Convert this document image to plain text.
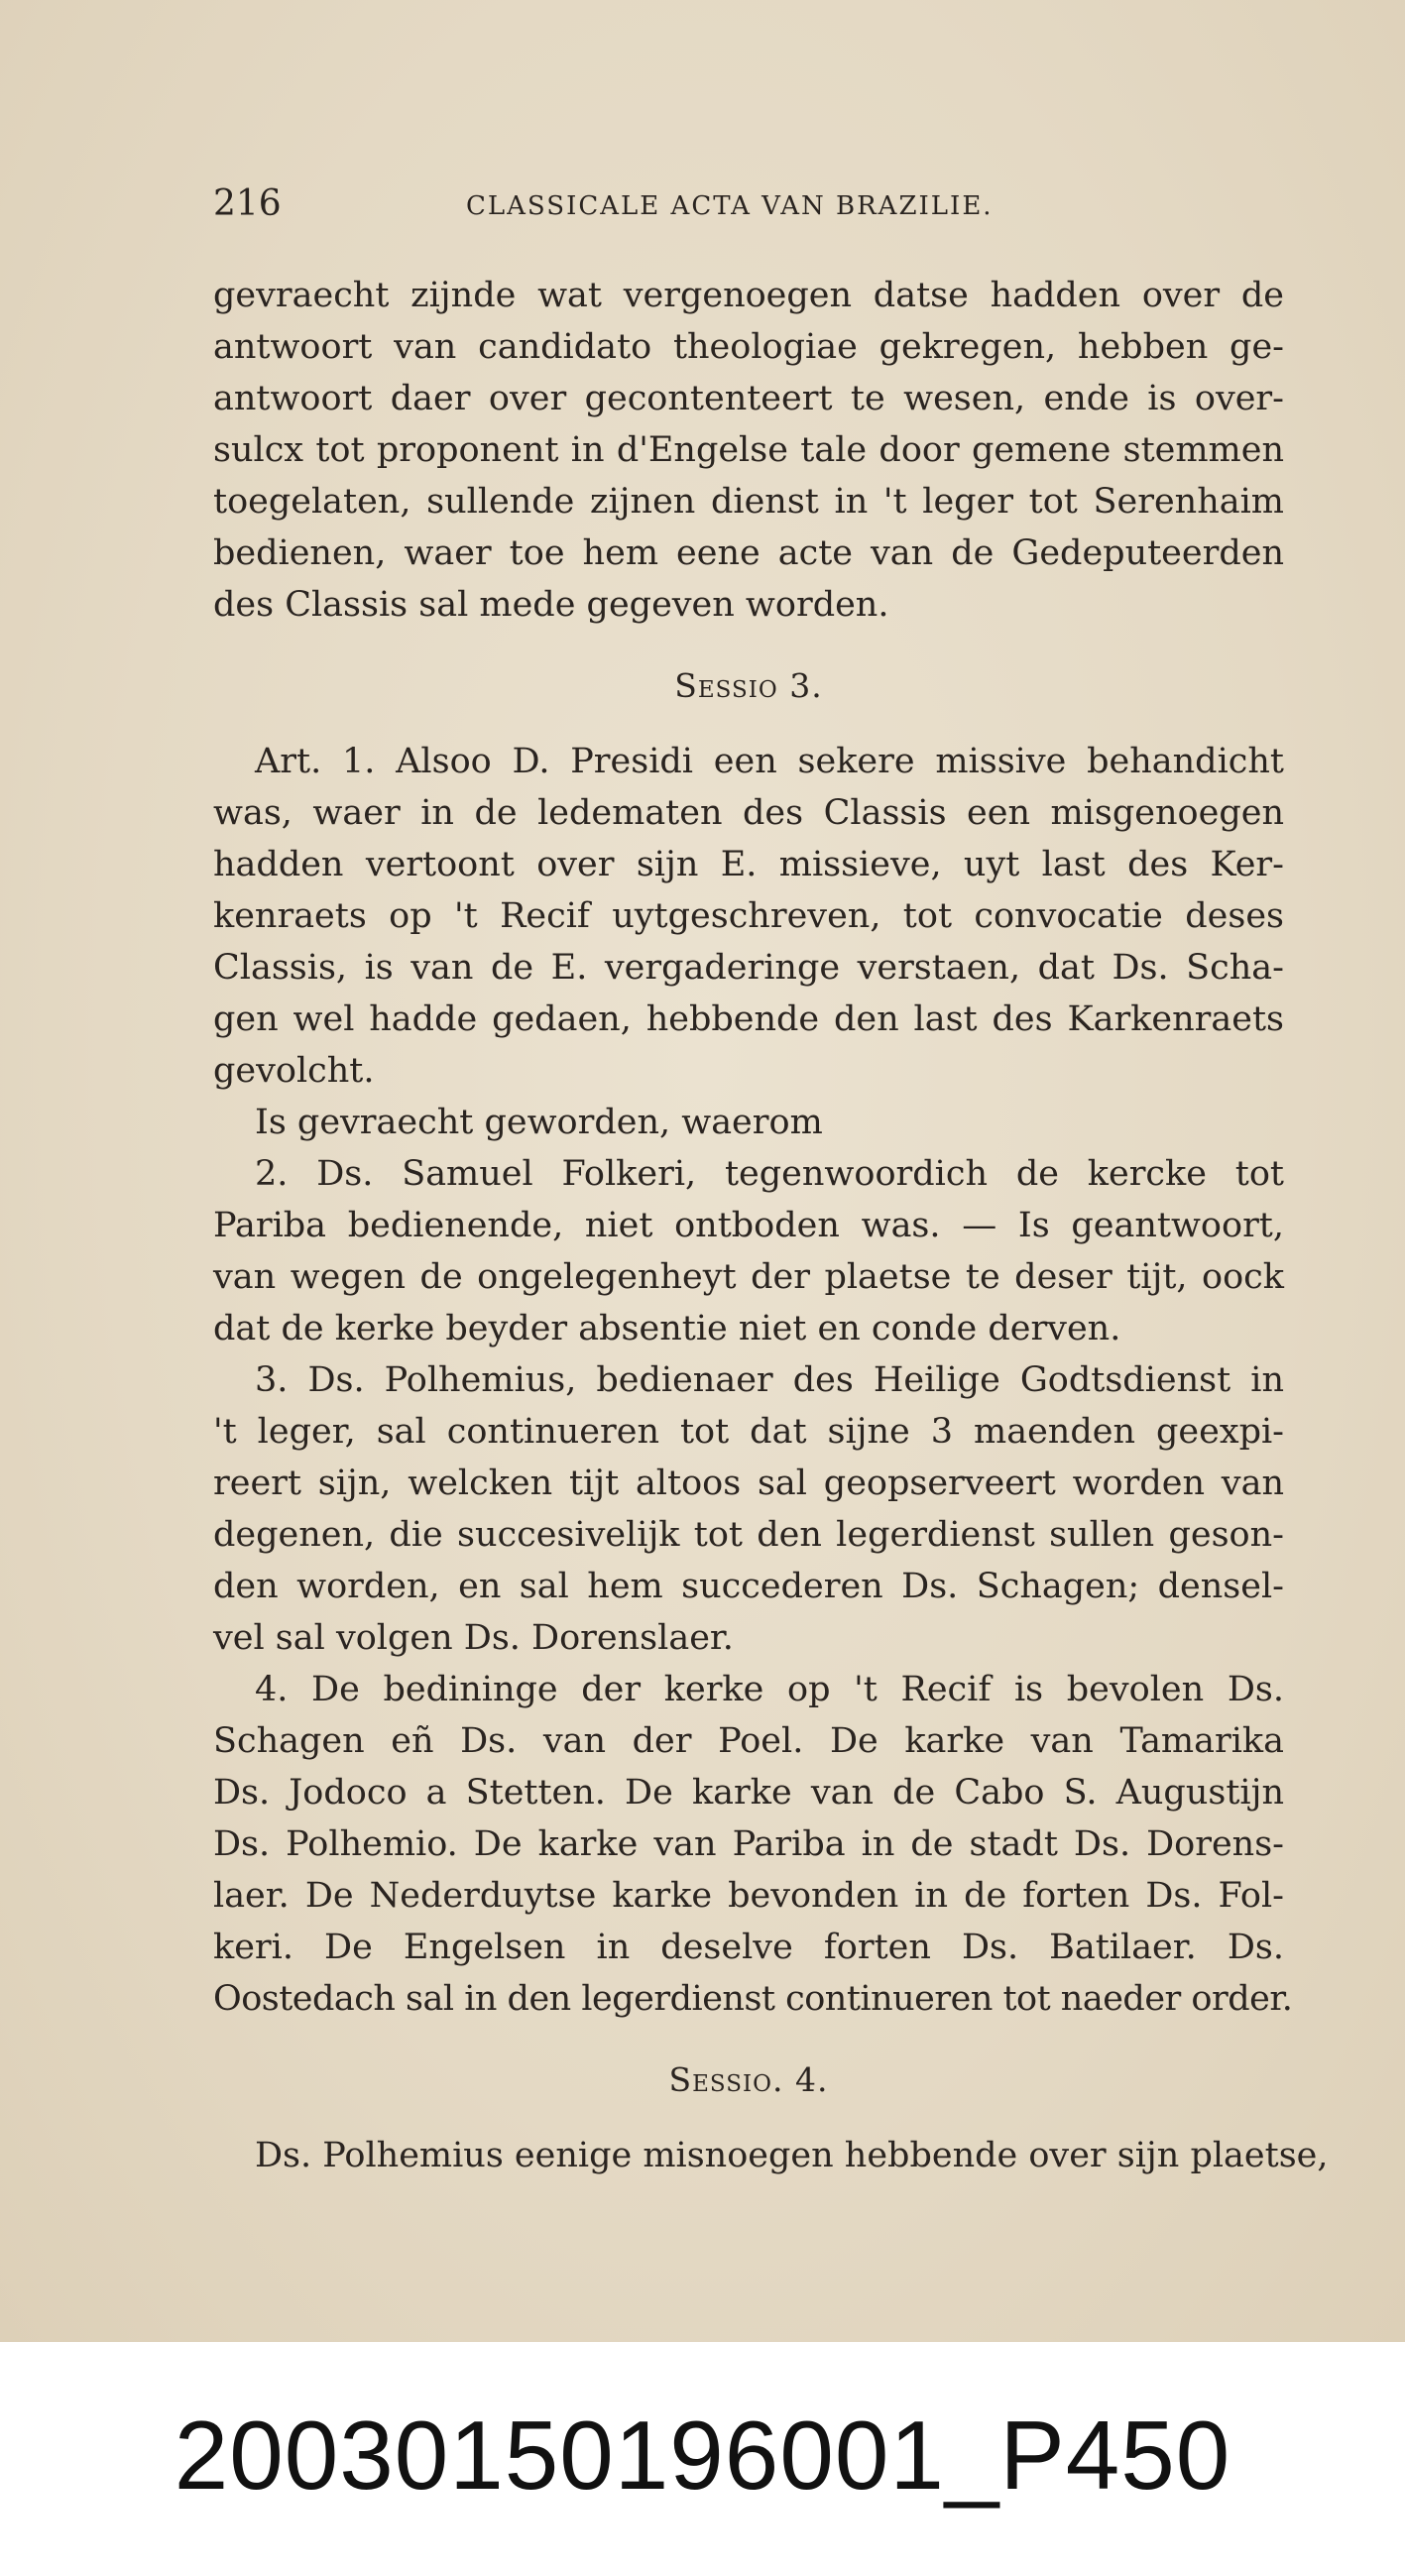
216	CLASSICALE ACTA VAN BRAZILIE.
gevraecht zijnde wat vergenoegen datse hadden over de
antwoort van candidato theologiae gekregen, hebben ge-
antwoort daer over gecontenteert te wesen, ende is over-
sulcx tot proponent in d'Engelse tale door gemene stemmen
toegelaten, sullende zijnen dienst in 't leger tot Serenhaim
bedienen, waer toe hem eene acte van de Gedeputeerden
des Classis sal mede gegeven worden.
Sessio 3.
Art. 1. Alsoo D. Presidi een sekere missive behandicht
was, waer in de ledematen des Classis een misgenoegen
hadden vertoont over sijn E. missieve, uyt last des Ker-
kenraets op 't Recif uytgeschreven, tot convocatie deses
Classis, is van de E. vergaderinge verstaen, dat Ds. Scha-
gen wel hadde gedaen, hebbende den last des Karkenraets
gevolcht.
Is gevraecht geworden, waerom
2. Ds. Samuel Folkeri, tegenwoordich de kercke tot
Pariba bedienende, niet ontboden was. — Is geantwoort,
van wegen de ongelegenheyt der plaetse te deser tijt, oock
dat de kerke beyder absentie niet en conde derven.
3. Ds. Polhemius, bedienaer des Heilige Godtsdienst in
't leger, sal continueren tot dat sijne 3 maenden geexpi-
reert sijn, welcken tijt altoos sal geopserveert worden van
degenen, die succesivelijk tot den legerdienst sullen geson-
den worden, en sal hem succederen Ds. Schagen; densel-
vel sal volgen Ds. Dorenslaer.
4. De bedininge der kerke op 't Recif is bevolen Ds.
Schagen eñ Ds. van der Poel. De karke van Tamarika
Ds. Jodoco a Stetten. De karke van de Cabo S. Augustijn
Ds. Polhemio. De karke van Pariba in de stadt Ds. Dorens-
laer. De Nederduytse karke bevonden in de forten Ds. Fol-
keri. De Engelsen in deselve forten Ds. Batilaer. Ds.
Oostedach sal in den legerdienst continueren tot naeder order.
Sessio. 4.
Ds. Polhemius eenige misnoegen hebbende over sijn plaetse,
20030150196001_P450
